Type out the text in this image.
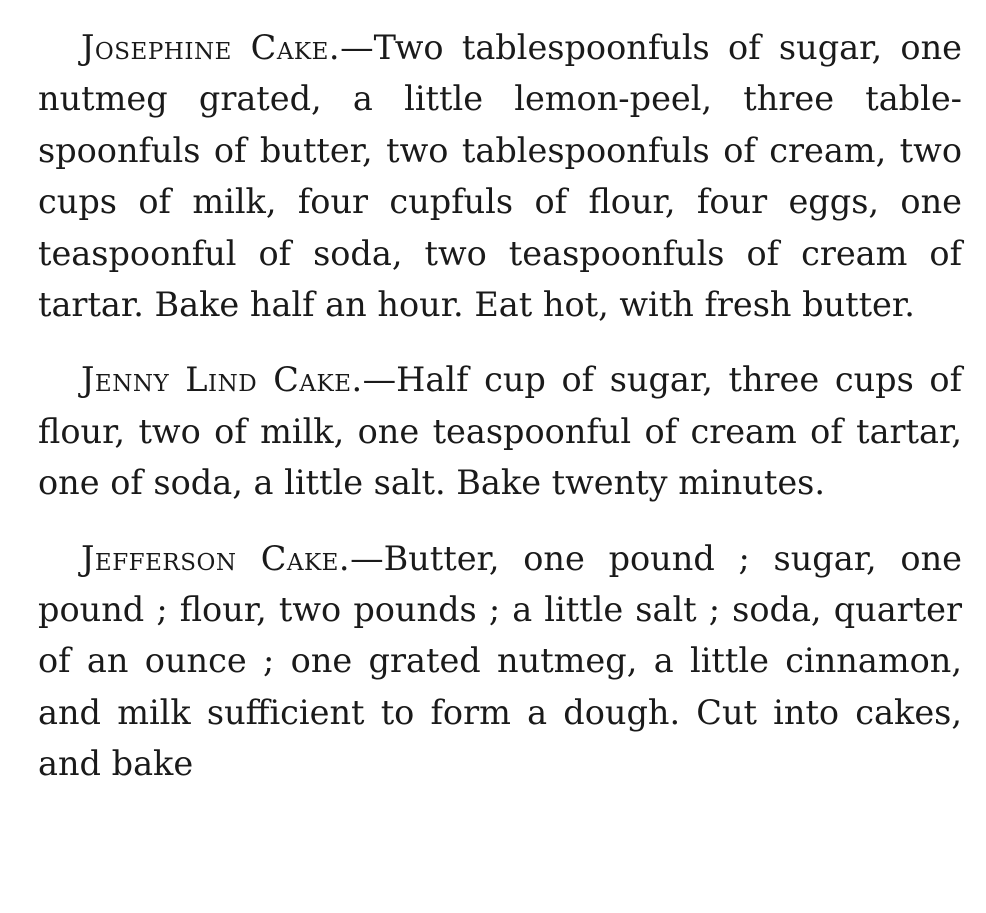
Josephine Cake.—Two tablespoonfuls of sugar, one nutmeg grated, a little lemon-peel, three tablespoonfuls of butter, two tablespoonfuls of cream, two cups of milk, four cupfuls of flour, four eggs, one teaspoonful of soda, two teaspoonfuls of cream of tartar. Bake half an hour. Eat hot, with fresh butter.

Jenny Lind Cake.—Half cup of sugar, three cups of flour, two of milk, one teaspoonful of cream of tartar, one of soda, a little salt. Bake twenty minutes.

Jefferson Cake.—Butter, one pound ; sugar, one pound ; flour, two pounds ; a little salt ; soda, quarter of an ounce ; one grated nutmeg, a little cinnamon, and milk sufficient to form a dough. Cut into cakes, and bake
